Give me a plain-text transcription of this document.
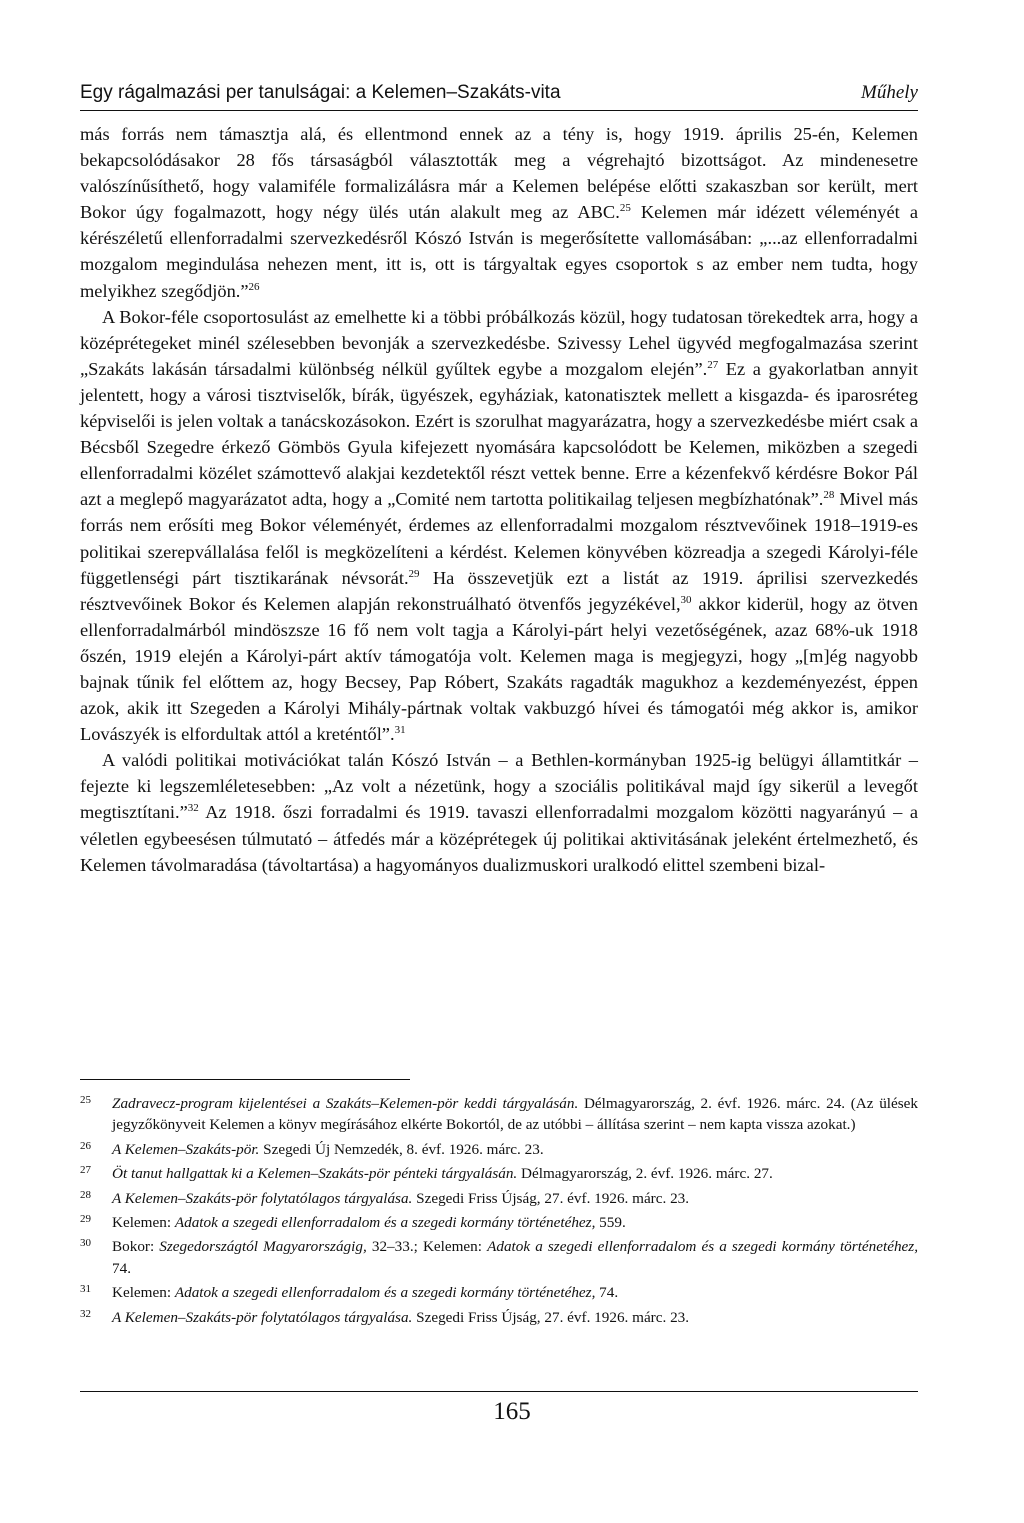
Egy rágalmazási per tanulságai: a Kelemen–Szakáts-vita	Műhely

más forrás nem támasztja alá, és ellentmond ennek az a tény is, hogy 1919. április 25-én, Kelemen bekapcsolódásakor 28 fős társaságból választották meg a végrehajtó bizottságot. Az mindenesetre valószínűsíthető, hogy valamiféle formalizálásra már a Kelemen belépése előtti szakaszban sor került, mert Bokor úgy fogalmazott, hogy négy ülés után alakult meg az ABC.$^{25}$ Kelemen már idézett véleményét a kérészéletű ellenforradalmi szervezkedésről Kószó István is megerősítette vallomásában: „...az ellenforradalmi mozgalom megindulása nehezen ment, itt is, ott is tárgyaltak egyes csoportok s az ember nem tudta, hogy melyikhez szegődjön.”$^{26}$

A Bokor-féle csoportosulást az emelhette ki a többi próbálkozás közül, hogy tudatosan törekedtek arra, hogy a középrétegeket minél szélesebben bevonják a szervezkedésbe. Szivessy Lehel ügyvéd megfogalmazása szerint „Szakáts lakásán társadalmi különbség nélkül gyűltek egybe a mozgalom elején”.$^{27}$ Ez a gyakorlatban annyit jelentett, hogy a városi tisztviselők, bírák, ügyészek, egyháziak, katonatisztek mellett a kisgazda- és iparosréteg képviselői is jelen voltak a tanácskozásokon. Ezért is szorulhat magyarázatra, hogy a szervezkedésbe miért csak a Bécsből Szegedre érkező Gömbös Gyula kifejezett nyomására kapcsolódott be Kelemen, miközben a szegedi ellenforradalmi közélet számottevő alakjai kezdetektől részt vettek benne. Erre a kézenfekvő kérdésre Bokor Pál azt a meglepő magyarázatot adta, hogy a „Comité nem tartotta politikailag teljesen megbízhatónak”.$^{28}$ Mivel más forrás nem erősíti meg Bokor véleményét, érdemes az ellenforradalmi mozgalom résztvevőinek 1918–1919-es politikai szerepvállalása felől is megközelíteni a kérdést. Kelemen könyvében közreadja a szegedi Károlyi-féle függetlenségi párt tisztikarának névsorát.$^{29}$ Ha összevetjük ezt a listát az 1919. áprilisi szervezkedés résztvevőinek Bokor és Kelemen alapján rekonstruálható ötvenfős jegyzékével,$^{30}$ akkor kiderül, hogy az ötven ellenforradalmárból mindöszsze 16 fő nem volt tagja a Károlyi-párt helyi vezetőségének, azaz 68%-uk 1918 őszén, 1919 elején a Károlyi-párt aktív támogatója volt. Kelemen maga is megjegyzi, hogy „[m]ég nagyobb bajnak tűnik fel előttem az, hogy Becsey, Pap Róbert, Szakáts ragadták magukhoz a kezdeményezést, éppen azok, akik itt Szegeden a Károlyi Mihály-pártnak voltak vakbuzgó hívei és támogatói még akkor is, amikor Lovászyék is elfordultak attól a kreténtől”.$^{31}$

A valódi politikai motivációkat talán Kószó István – a Bethlen-kormányban 1925-ig belügyi államtitkár – fejezte ki legszemléletesebben: „Az volt a nézetünk, hogy a szociális politikával majd így sikerül a levegőt megtisztítani.”$^{32}$ Az 1918. őszi forradalmi és 1919. tavaszi ellenforradalmi mozgalom közötti nagyarányú – a véletlen egybeesésen túlmutató – átfedés már a középrétegek új politikai aktivitásának jeleként értelmezhető, és Kelemen távolmaradása (távoltartása) a hagyományos dualizmuskori uralkodó elittel szembeni bizal-

25 Zadravecz-program kijelentései a Szakáts–Kelemen-pör keddi tárgyalásán. Délmagyarország, 2. évf. 1926. márc. 24. (Az ülések jegyzőkönyveit Kelemen a könyv megírásához elkérte Bokortól, de az utóbbi – állítása szerint – nem kapta vissza azokat.)
26 A Kelemen–Szakáts-pör. Szegedi Új Nemzedék, 8. évf. 1926. márc. 23.
27 Öt tanut hallgattak ki a Kelemen–Szakáts-pör pénteki tárgyalásán. Délmagyarország, 2. évf. 1926. márc. 27.
28 A Kelemen–Szakáts-pör folytatólagos tárgyalása. Szegedi Friss Újság, 27. évf. 1926. márc. 23.
29 Kelemen: Adatok a szegedi ellenforradalom és a szegedi kormány történetéhez, 559.
30 Bokor: Szegedországtól Magyarországig, 32–33.; Kelemen: Adatok a szegedi ellenforradalom és a szegedi kormány történetéhez, 74.
31 Kelemen: Adatok a szegedi ellenforradalom és a szegedi kormány történetéhez, 74.
32 A Kelemen–Szakáts-pör folytatólagos tárgyalása. Szegedi Friss Újság, 27. évf. 1926. márc. 23.
165
